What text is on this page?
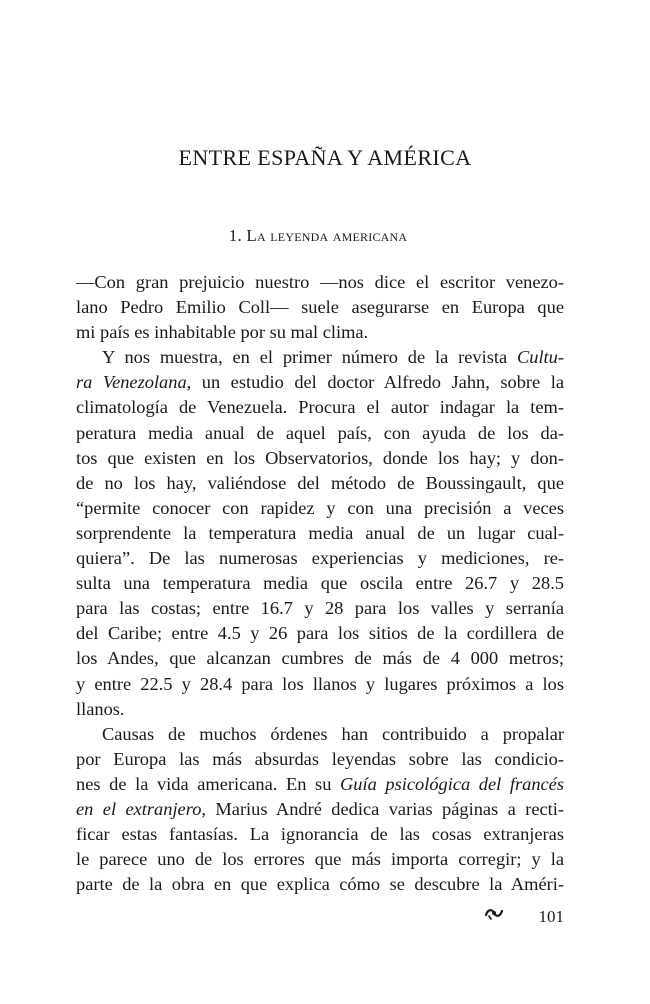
ENTRE ESPAÑA Y AMÉRICA
1. La leyenda americana
—Con gran prejuicio nuestro —nos dice el escritor venezo-
lano Pedro Emilio Coll— suele asegurarse en Europa que
mi país es inhabitable por su mal clima.
Y nos muestra, en el primer número de la revista Cultu-
ra Venezolana, un estudio del doctor Alfredo Jahn, sobre la
climatología de Venezuela. Procura el autor indagar la tem-
peratura media anual de aquel país, con ayuda de los da-
tos que existen en los Observatorios, donde los hay; y don-
de no los hay, valiéndose del método de Boussingault, que
“permite conocer con rapidez y con una precisión a veces
sorprendente la temperatura media anual de un lugar cual-
quiera”. De las numerosas experiencias y mediciones, re-
sulta una temperatura media que oscila entre 26.7 y 28.5
para las costas; entre 16.7 y 28 para los valles y serranía
del Caribe; entre 4.5 y 26 para los sitios de la cordillera de
los Andes, que alcanzan cumbres de más de 4 000 metros;
y entre 22.5 y 28.4 para los llanos y lugares próximos a los
llanos.
Causas de muchos órdenes han contribuido a propalar
por Europa las más absurdas leyendas sobre las condicio-
nes de la vida americana. En su Guía psicológica del francés
en el extranjero, Marius André dedica varias páginas a recti-
ficar estas fantasías. La ignorancia de las cosas extranjeras
le parece uno de los errores que más importa corregir; y la
parte de la obra en que explica cómo se descubre la Améri-
101
